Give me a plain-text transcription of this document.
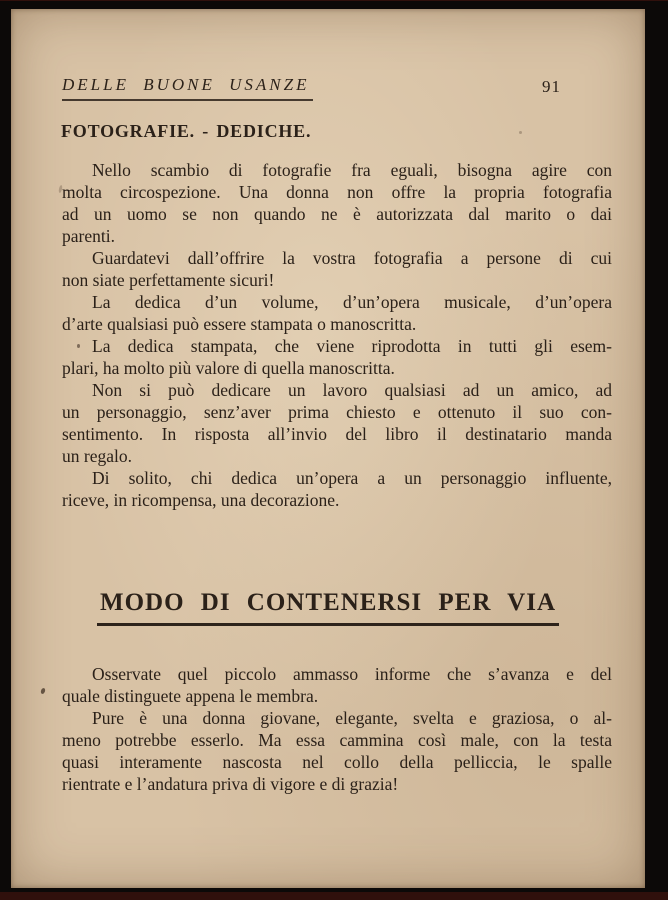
DELLE BUONE USANZE	91
FOTOGRAFIE. - DEDICHE.
Nello scambio di fotografie fra eguali, bisogna agire con
molta circospezione. Una donna non offre la propria fotografia
ad un uomo se non quando ne è autorizzata dal marito o dai
parenti.
Guardatevi dall’offrire la vostra fotografia a persone di cui
non siate perfettamente sicuri!
La dedica d’un volume, d’un’opera musicale, d’un’opera
d’arte qualsiasi può essere stampata o manoscritta.
La dedica stampata, che viene riprodotta in tutti gli esem-
plari, ha molto più valore di quella manoscritta.
Non si può dedicare un lavoro qualsiasi ad un amico, ad
un personaggio, senz’aver prima chiesto e ottenuto il suo con-
sentimento. In risposta all’invio del libro il destinatario manda
un regalo.
Di solito, chi dedica un’opera a un personaggio influente,
riceve, in ricompensa, una decorazione.
MODO DI CONTENERSI PER VIA
Osservate quel piccolo ammasso informe che s’avanza e del
quale distinguete appena le membra.
Pure è una donna giovane, elegante, svelta e graziosa, o al-
meno potrebbe esserlo. Ma essa cammina così male, con la testa
quasi interamente nascosta nel collo della pelliccia, le spalle
rientrate e l’andatura priva di vigore e di grazia!
